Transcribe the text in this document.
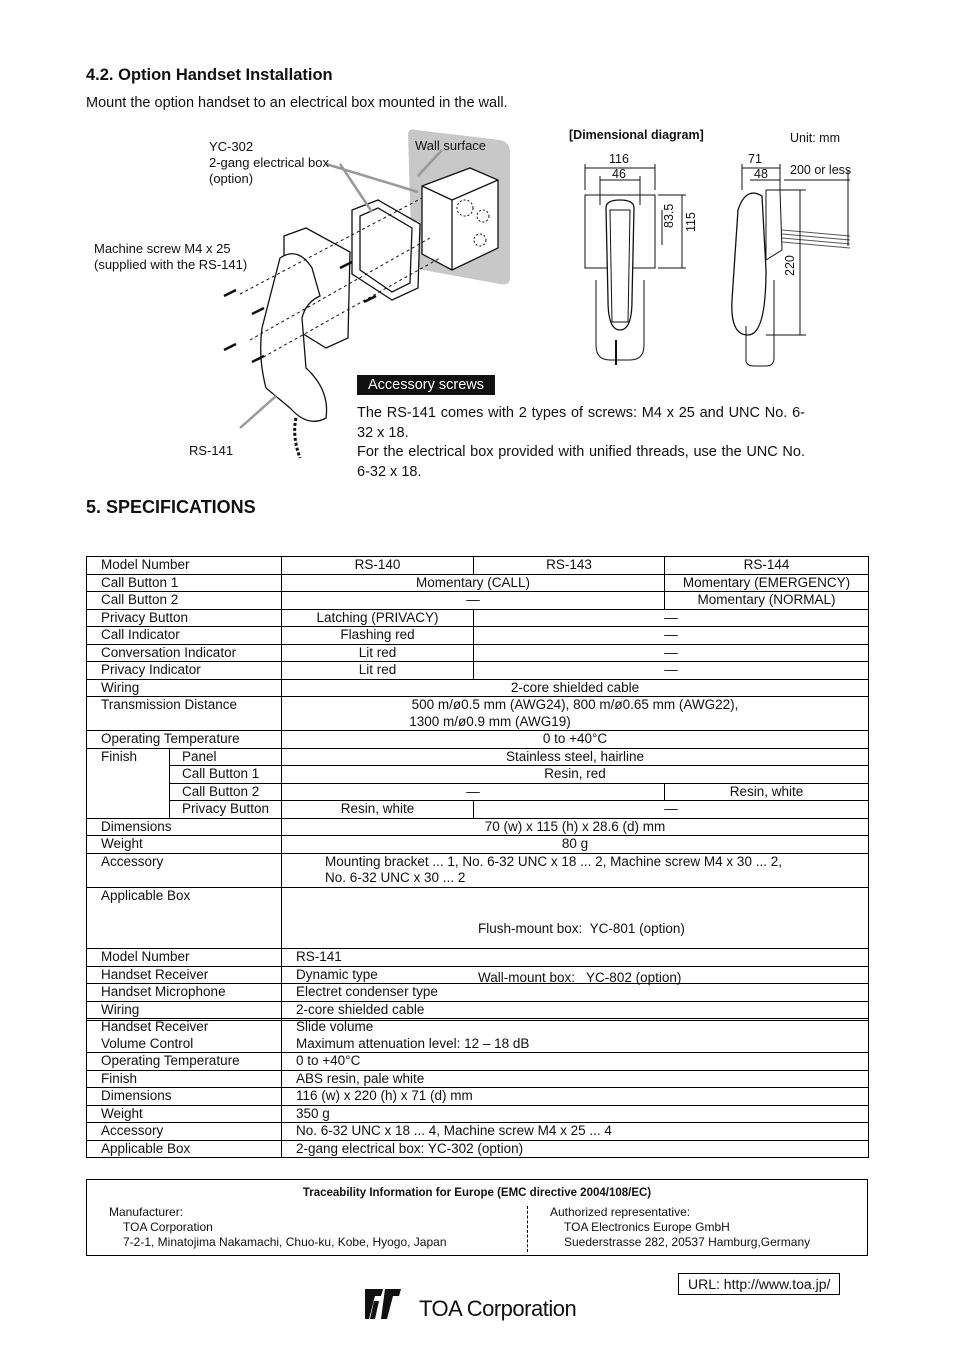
4.2. Option Handset Installation
Mount the option handset to an electrical box mounted in the wall.
YC-302
2-gang electrical box
(option)
Wall surface
Machine screw M4 x 25
(supplied with the RS-141)
RS-141
Accessory screws
The RS-141 comes with 2 types of screws: M4 x 25 and UNC No. 6-32 x 18.
For the electrical box provided with unified threads, use the UNC No. 6-32 x 18.
[Dimensional diagram]	Unit: mm
116
46
83.5 115
71
48 200 or less
220
5. SPECIFICATIONS
Model Number		RS-140	RS-143	RS-144
Call Button 1		Momentary (CALL)		Momentary (EMERGENCY)
Call Button 2		—		Momentary (NORMAL)
Privacy Button		Latching (PRIVACY)	—	
Call Indicator		Flashing red	—	
Conversation Indicator		Lit red	—	
Privacy Indicator		Lit red	—	
Wiring		2-core shielded cable		
Transmission Distance		500 m/ø0.5 mm (AWG24), 800 m/ø0.65 mm (AWG22),
1300 m/ø0.9 mm (AWG19)		

Operating Temperature		0 to +40°C		
Finish	Panel	Stainless steel, hairline		
	Call Button 1	Resin, red		
	Call Button 2	—		Resin, white
	Privacy Button	Resin, white	—	
Dimensions		70 (w) x 115 (h) x 28.6 (d) mm		
Weight		80 g		
Accessory		Mounting bracket ... 1, No. 6-32 UNC x 18 ... 2, Machine screw M4 x 30 ... 2,
No. 6-32 UNC x 30 ... 2		

Applicable Box		Flush-mount box:  YC-801 (option)

Wall-mount box:   YC-802 (option)		

Model Number	RS-141
Handset Receiver	Dynamic type
Handset Microphone	Electret condenser type
Wiring	2-core shielded cable
Handset Receiver	Slide volume
Volume Control	Maximum attenuation level: 12 – 18 dB
Operating Temperature	0 to +40°C
Finish	ABS resin, pale white
Dimensions	116 (w) x 220 (h) x 71 (d) mm
Weight	350 g
Accessory	No. 6-32 UNC x 18 ... 4, Machine screw M4 x 25 ... 4
Applicable Box	2-gang electrical box: YC-302 (option)
Traceability Information for Europe (EMC directive 2004/108/EC)
Manufacturer:
TOA Corporation
7-2-1, Minatojima Nakamachi, Chuo-ku, Kobe, Hyogo, Japan
Authorized representative:
TOA Electronics Europe GmbH
Suederstrasse 282, 20537 Hamburg,Germany
URL: http://www.toa.jp/
TOA Corporation
